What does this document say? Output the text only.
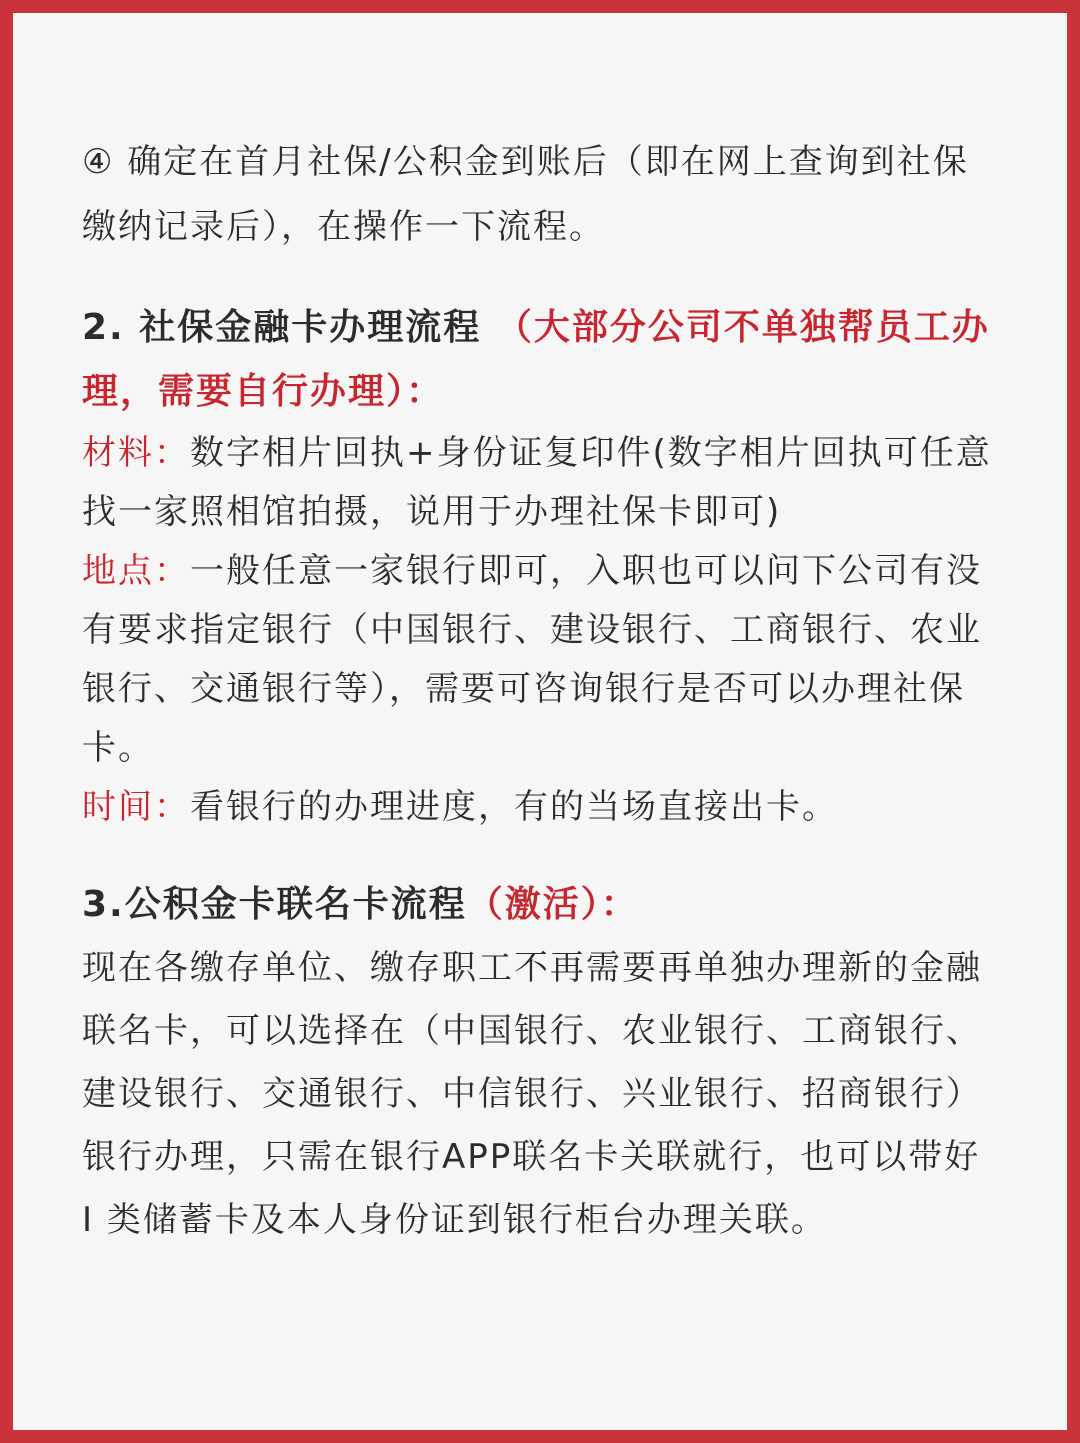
④ 确定在首月社保/公积金到账后（即在网上查询到社保缴纳记录后），在操作一下流程。

2. 社保金融卡办理流程 （大部分公司不单独帮员工办理，需要自行办理）：

材料：数字相片回执+身份证复印件(数字相片回执可任意找一家照相馆拍摄，说用于办理社保卡即可)

地点：一般任意一家银行即可，入职也可以问下公司有没有要求指定银行（中国银行、建设银行、工商银行、农业银行、交通银行等），需要可咨询银行是否可以办理社保卡。

时间：看银行的办理进度，有的当场直接出卡。

3.公积金卡联名卡流程（激活）：

现在各缴存单位、缴存职工不再需要再单独办理新的金融联名卡，可以选择在（中国银行、农业银行、工商银行、建设银行、交通银行、中信银行、兴业银行、招商银行）银行办理，只需在银行APP联名卡关联就行，也可以带好 I 类储蓄卡及本人身份证到银行柜台办理关联。
